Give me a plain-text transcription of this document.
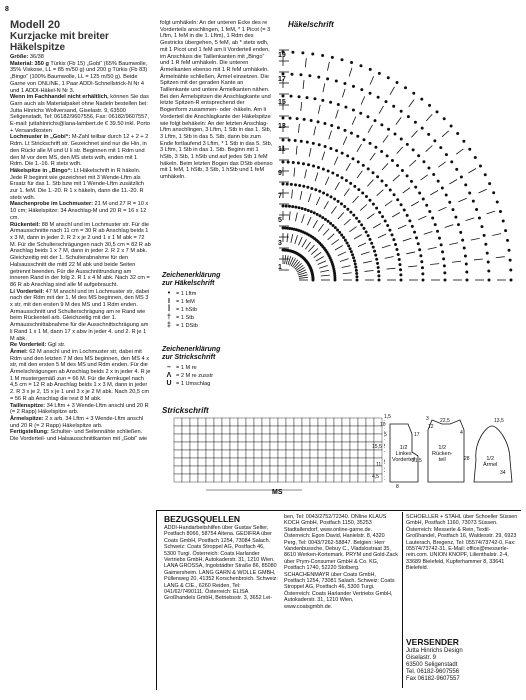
8
Modell 20
Kurzjacke mit breiter
Häkelspitze

Größe: 36/38

Material: 350 g Türkis (Fb 15) „Gobi“ (65% Baumwolle, 35% Viskose, LL = 85 m/50 g) und 200 g Türkis (Fb 83) „Bingo“ (100% Baumwolle, LL = 125 m/50 g). Beide Garne von ONLINE, 1 Paar ADDI-Schnellstrick-N Nr 4 und 1 ADDI-Häkel-N Nr 3.

Wenn im Fachhandel nicht erhältlich, können Sie das Garn auch als Materialpaket ohne Nadeln bestellen bei: Jutta Hinrichs Wollversand, Giselastr. 9, 63500 Seligenstadt, Tel: 06182/9607556, Fax: 06182/9607557, E-mail: juttahinrichs@lana-lambert.de € 39.50 inkl. Porto + Versandkosten

Lochmuster in „Gobi“: M-Zahl teilbar durch 12 + 2 + 2 Rdm. Lt Strickschrift str. Gezeichnet sind nur die Hin, in den Rückr alle M und U li str. Beginnen mit 1 Rdm und den M vor dem MS, den MS stets wdh, enden mit 1 Rdm. Die 1.-16. R stets wdh.

Häkelspitze in „Bingo“: Lt Häkelschrift in R häkeln. Jede R beginnt wie gezeichnet mit 3 Wende-Lftm als Ersatz für das 1. Stb bzw mit 1 Wende-Lftm zusätzlich zur 1. feM. Die 1.-20. R 1 x häkeln, dann die 11.-20. R stets wdh.

Maschenprobe im Lochmuster: 21 M und 27 R = 10 x 10 cm; Häkelspitze: 34 Anschlag-M und 20 R = 16 x 12 cm.

Rückenteil: 88 M anschl und im Lochmuster str. Für die Armausschnitte nach 11 cm = 30 R ab Anschlag beids 1 x 3 M, dann in jeder 2. R 2 x je 2 und 1 x 1 M abk = 72 M. Für die Schulterschrägungen nach 30,5 cm = 82 R ab Anschlag beids 1 x 7 M, dann in jeder 2. R 2 x 7 M abk. Gleichzeitig mit der 1. Schulterabnahme für den Halsausschnitt die mittl 22 M abk und beide Seiten getrennt beenden. Für die Ausschnittrundung am inneren Rand in der folg 2. R 1 x 4 M abk. Nach 32 cm = 86 R ab Anschlag sind alle M aufgebraucht.

Li Vorderteil: 47 M anschl und im Lochmuster str, dabei nach der Rdm mit der 1. M des MS beginnen, den MS 3 x str, mit den ersten 9 M des MS und 1 Rdm enden. Armausschnitt und Schulterschrägung am re Rand wie beim Rückenteil arb. Gleichzeitig mit der 1. Armausschnittabnahme für die Ausschnittschrägung am li Rand 1 x 1 M, dann 17 x abw in jeder 4. und 2. R je 1 M abk.

Re Vorderteil: Ggl str.

Ärmel: 62 M anschl und im Lochmuster str, dabei mit Rdm und den letzten 7 M des MS beginnen, den MS 4 x str, mit den ersten 5 M des MS und Rdm enden. Für die Ärmelschrägungen ab Anschlag beids 2 x in jeder 4. R je 1 M mustergemäß zun = 66 M. Für die Armkugel nach 4,5 cm = 12 R ab Anschlag beids 1 x 3 M, dann in jeder 2. R 3 x je 2, 15 x je 1 und 3 x je 2 M abk. Nach 20,5 cm = 56 R ab Anschlag die rest 8 M abk.

Taillenspitze: 34 Lftm + 3 Wende-Lftm anschl und 20 R (= 2 Rapp) Häkelspitze arb.

Ärmelspitze: 2 x arb. 34 Lftm + 3 Wende-Lftm anschl und 20 R (= 2 Rapp) Häkelspitze arb.

Fertigstellung: Schulter- und Seitennähte schließen. Die Vorderteil- und Halsausschnittkanten mit „Gobi“ wie

folgt umhäkeln: An der unteren Ecke des re Vorderteils anschlingen, 1 feM, * 1 Picot (= 3 Lftm, 1 feM in die 1. Lftm), 1 Rdm des Gestricks übergehen, 5 feM, ab * stets wdh, mit 1 Picot und 1 feM am li Vorderteil enden, im Anschluss die Taillenkanten mit „Bingo“ und 1 R feM umhäkeln. Die unteren Ärmelkanten ebenso mit 1 R feM umhäkeln. Ärmelnähte schließen, Ärmel einsetzen. Die Spitzen mit der geraden Kante an Taillenkante und untere Ärmelkanten nähen. Bei den Ärmelspitzen die Anschlagkante und letzte Spitzen-R entsprechend der Bogenform zusammen- oder -häkeln. Am li Vorderteil die Anschlagkante der Häkelspitze wie folgt behäkeln: An der letzten Anschlag-Lftm anschlingen, 3 Lftm, 1 Stb in das 1. Stb, 3 Lftm, 1 Stb in das 5. Stb, dann bis zum Ende fortlaufend 3 Lftm, * 1 Stb in das 5. Stb, 3 Lftm, 1 Stb in das 1. Stb. Beginn mit 1 hStb, 3 Stb, 1 hStb und auf jedes Stb 1 feM häkeln. Beim letzten Bogen das DStb ebenso mit 1 feM, 1 hStb, 3 Stb, 1 hStb und 1 feM umhäkeln.

Häkelschrift
19
17
15
13
11
9
7
5
3
1
Zeichenerklärung
zur Häkelschrift
•	= 1 Lftm
I	= 1 feM
ꟾ	= 1 hStb
† = 1 Stb
‡ = 1 DStb
Zeichenerklärung
zur Strickschrift
– = 1 M re
Λ = 2 M re zusstr
U = 1 Umschlag
Strickschrift
MS
1/2
Linkes
Vorderteil
1/2
Rücken-
teil	1/2
Ärmel
1,5
10
5
15,5
11
4,5
8
17
21,5
3
12
22,5
4
28
13,5
34
BEZUGSQUELLEN
ADDI-Handarbeitshilfen über Gustav Selter, Postfach 8066, 58754 Altena. GEDIFRA über Coats GmbH, Postfach 1254, 73084 Salach. Schweiz: Coats Stroppel AG, Postfach 46, 5300 Turgi. Österreich: Coats Harlander Vertriebs GmbH, Autokaderstr. 31, 1210 Wien. LANA GROSSA, Ingolstädter Straße 86, 85080 Gaimersheim. LANG GARN & WOLLE GMBH, Püllenweg 20, 41352 Korschenbroich. Schweiz: LANG & CIE., 6260 Reiden, Tel: 041/62/7490111. Österreich: ELISA Großhandels GmbH, Betriebsstr. 3, 3652 Lei-
ben, Tel: 0043/2752/72340. ONline KLAUS KOCH GmbH, Postfach 1150, 35253 Stadtallendorf, www.online-garne.de. Österreich: Egon David, Hanielstr. 8, 4320 Perg, Tel: 0043/7262-58847. Belgien: Herr Vandenbussche, Debuy C., Vladslostraat 35, 8610 Werken-Kortemark. PRYM und Gold-Zack über Prym-Consumer GmbH & Co. KG, Postfach 1740, 52220 Stolberg. SCHACHENMAYR über Coats GmbH, Postfach 1254, 73081 Salach. Schweiz: Coats Stroppel AG, Postfach 46, 5300 Turgi. Österreich: Coats Harlander Vertriebs GmbH, Autokaderstr. 31, 1210 Wien, www.coatsgmbh.de.
SCHOELLER + STAHL über Schoeller Süssen GmbH, Postfach 1160, 73073 Süssen. Österreich: Messerle & Rein, Textil-Großhandel, Postfach 16, Waldesstr. 29, 6923 Lauterach, Bregenz, Tel: 05574/73742-0, Fax: 05574/73742-31, E-Mail: office@messerle-rein.com. UNION KNOPF, Lilienthalstr. 2-4, 33689 Bielefeld, Kupferhammer 8, 33641 Bielefeld.
VERSENDER
Jutta Hinrichs Design
Giselastr. 9
63500 Seligenstadt
Tel. 06182-9607556
Fax 06182-9607557
